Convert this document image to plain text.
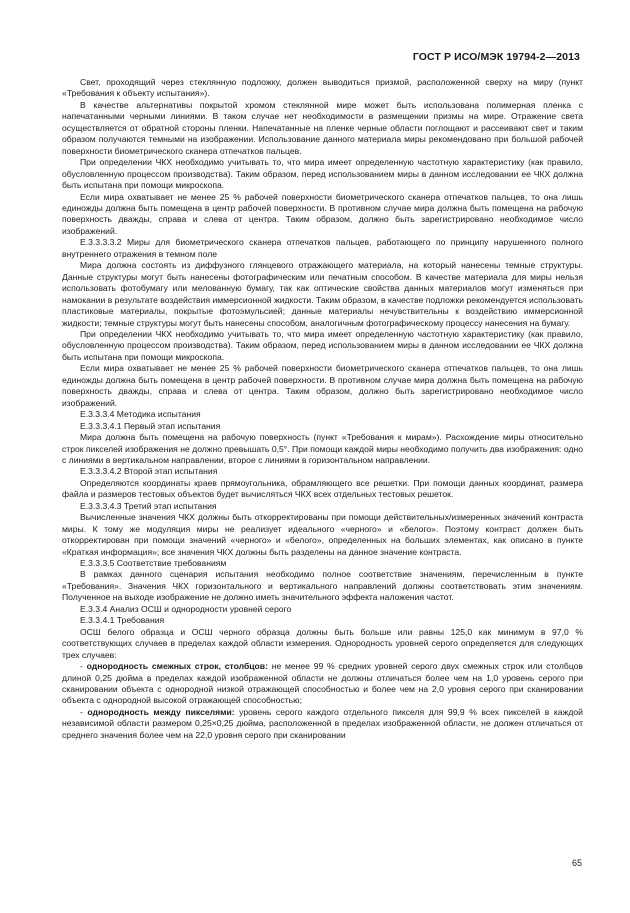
ГОСТ Р ИСО/МЭК 19794-2—2013

Свет, проходящий через стеклянную подложку, должен выводиться призмой, расположенной сверху на миру (пункт «Требования к объекту испытания»).

В качестве альтернативы покрытой хромом стеклянной мире может быть использована полимерная пленка с напечатанными черными линиями. В таком случае нет необходимости в размещении призмы на мире. Отражение света осуществляется от обратной стороны пленки. Напечатанные на пленке черные области поглощают и рассеивают свет и таким образом получаются темными на изображении. Использование данного материала миры рекомендовано при большой рабочей поверхности биометрического сканера отпечатков пальцев.

При определении ЧКХ необходимо учитывать то, что мира имеет определенную частотную характеристику (как правило, обусловленную процессом производства). Таким образом, перед использованием миры в данном исследовании ее ЧКХ должна быть испытана при помощи микроскопа.

Если мира охватывает не менее 25 % рабочей поверхности биометрического сканера отпечатков пальцев, то она лишь единожды должна быть помещена в центр рабочей поверхности. В противном случае мира должна быть помещена на рабочую поверхность дважды, справа и слева от центра. Таким образом, должно быть зарегистрировано необходимое число изображений.

Е.3.3.3.3.2 Миры для биометрического сканера отпечатков пальцев, работающего по принципу нарушенного полного внутреннего отражения в темном поле

Мира должна состоять из диффузного глянцевого отражающего материала, на который нанесены темные структуры. Данные структуры могут быть нанесены фотографическим или печатным способом. В качестве материала для миры нельзя использовать фотобумагу или мелованную бумагу, так как оптические свойства данных материалов могут изменяться при намокании в результате воздействия иммерсионной жидкости. Таким образом, в качестве подложки рекомендуется использовать пластиковые материалы, покрытые фотоэмульсией; данные материалы нечувствительны к воздействию иммерсионной жидкости; темные структуры могут быть нанесены способом, аналогичным фотографическому процессу нанесения на бумагу.

При определении ЧКХ необходимо учитывать то, что мира имеет определенную частотную характеристику (как правило, обусловленную процессом производства). Таким образом, перед использованием миры в данном исследовании ее ЧКХ должна быть испытана при помощи микроскопа.

Если мира охватывает не менее 25 % рабочей поверхности биометрического сканера отпечатков пальцев, то она лишь единожды должна быть помещена в центр рабочей поверхности. В противном случае мира должна быть помещена на рабочую поверхность дважды, справа и слева от центра. Таким образом, должно быть зарегистрировано необходимое число изображений.

Е.3.3.3.4 Методика испытания

Е.3.3.3.4.1 Первый этап испытания

Мира должна быть помещена на рабочую поверхность (пункт «Требования к мирам»). Расхождение миры относительно строк пикселей изображения не должно превышать 0,5°. При помощи каждой миры необходимо получить два изображения: одно с линиями в вертикальном направлении, второе с линиями в горизонтальном направлении.

Е.3.3.3.4.2 Второй этап испытания

Определяются координаты краев прямоугольника, обрамляющего все решетки. При помощи данных координат, размера файла и размеров тестовых объектов будет вычисляться ЧКХ всех отдельных тестовых решеток.

Е.3.3.3.4.3 Третий этап испытания

Вычисленные значения ЧКХ должны быть откорректированы при помощи действительных/измеренных значений контраста миры. К тому же модуляция миры не реализует идеального «черного» и «белого». Поэтому контраст должен быть откорректирован при помощи значений «черного» и «белого», определенных на больших элементах, как описано в пункте «Краткая информация»; все значения ЧКХ должны быть разделены на данное значение контраста.

Е.3.3.3.5 Соответствие требованиям

В рамках данного сценария испытания необходимо полное соответствие значениям, перечисленным в пункте «Требования». Значения ЧКХ горизонтального и вертикального направлений должны соответствовать этим значениям. Полученное на выходе изображение не должно иметь значительного эффекта наложения частот.

Е.3.3.4 Анализ ОСШ и однородности уровней серого

Е.3.3.4.1 Требования

ОСШ белого образца и ОСШ черного образца должны быть больше или равны 125,0 как минимум в 97,0 % соответствующих случаев в пределах каждой области измерения. Однородность уровней серого определяется для следующих трех случаев:

- однородность смежных строк, столбцов: не менее 99 % средних уровней серого двух смежных строк или столбцов длиной 0,25 дюйма в пределах каждой изображенной области не должны отличаться более чем на 1,0 уровень серого при сканировании объекта с однородной низкой отражающей способностью и более чем на 2,0 уровня серого при сканировании объекта с однородной высокой отражающей способностью;

- однородность между пикселями: уровень серого каждого отдельного пикселя для 99,9 % всех пикселей в каждой независимой области размером 0,25×0,25 дюйма, расположенной в пределах изображенной области, не должен отличаться от среднего значения более чем на 22,0 уровня серого при сканировании

65
